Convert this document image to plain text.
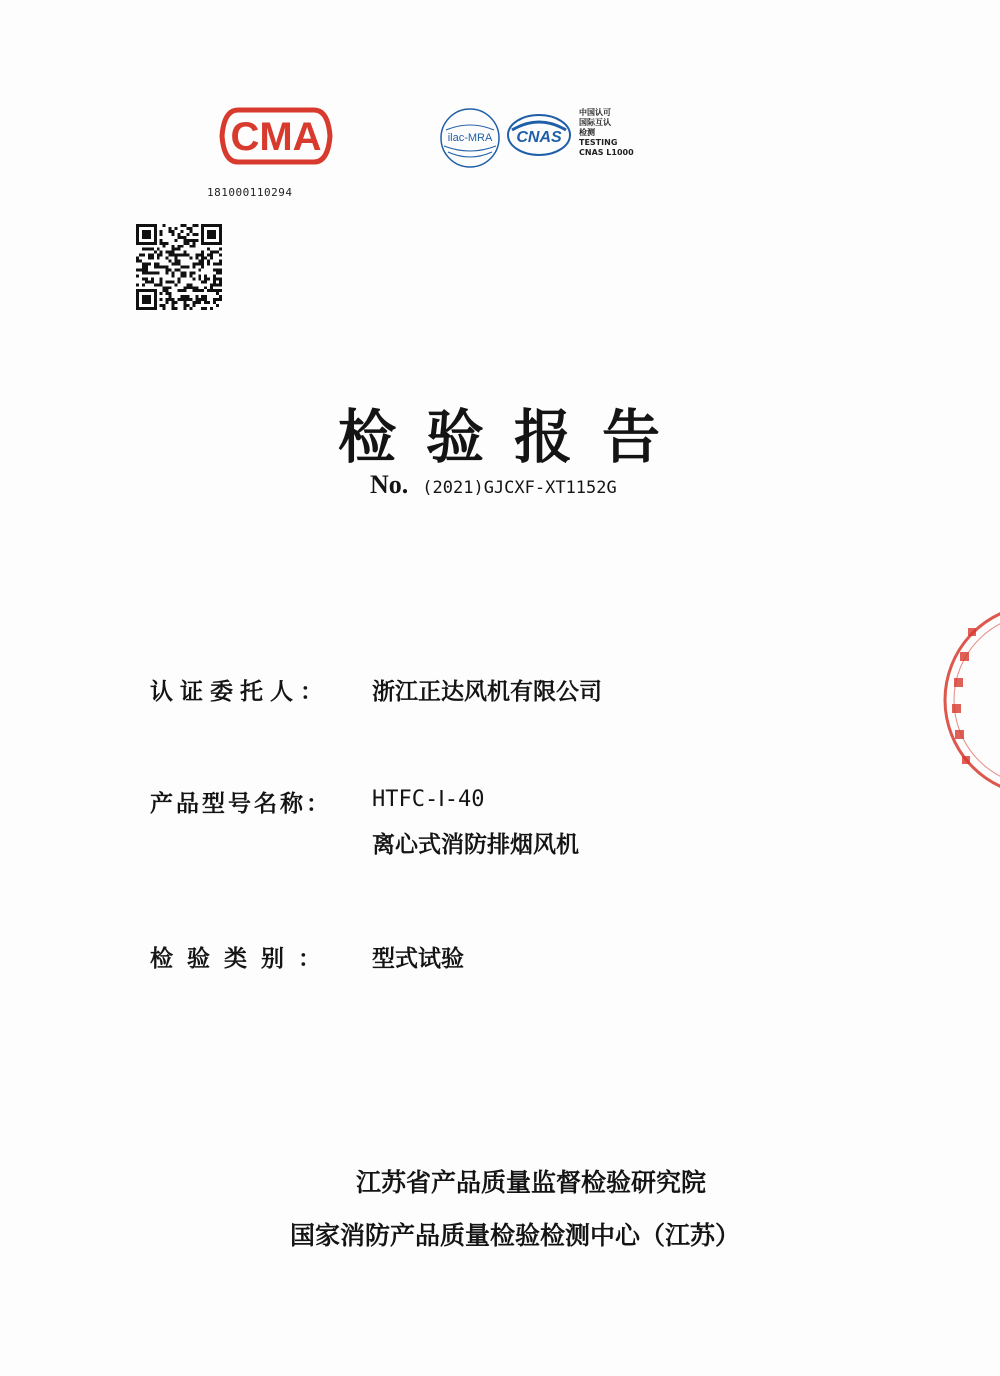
CMA
181000110294
ilac-MRA CNAS
中国认可
国际互认
检测
TESTING
CNAS L1000
检验报告
No. (2021)GJCXF-XT1152G
认证委托人： 浙江正达风机有限公司
产品型号名称： HTFC-Ⅰ-40
离心式消防排烟风机
检 验 类 别 ：	型式试验
江苏省产品质量监督检验研究院
国家消防产品质量检验检测中心（江苏）
